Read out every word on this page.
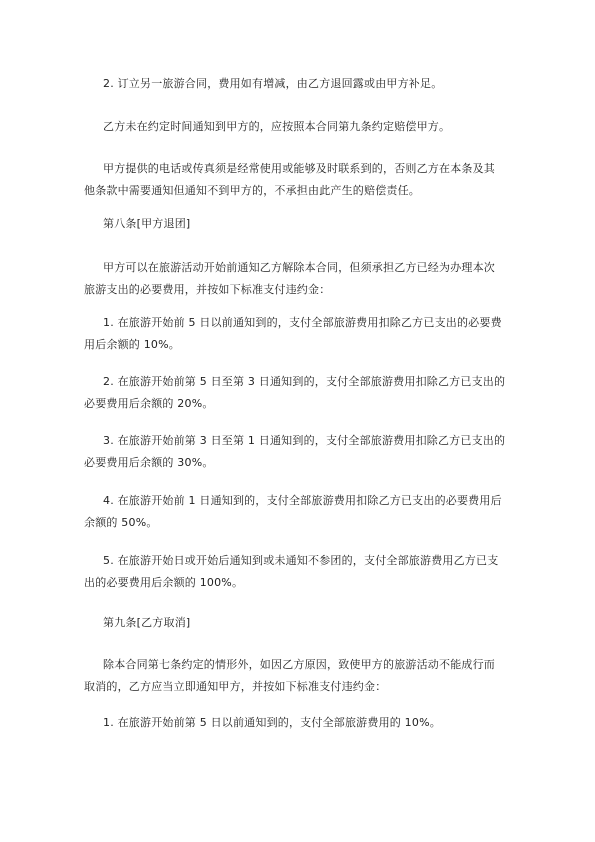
2. 订立另一旅游合同，费用如有增减，由乙方退回露或由甲方补足。

乙方未在约定时间通知到甲方的，应按照本合同第九条约定赔偿甲方。

甲方提供的电话或传真须是经常使用或能够及时联系到的，否则乙方在本条及其
他条款中需要通知但通知不到甲方的，不承担由此产生的赔偿责任。

第八条[甲方退团]

甲方可以在旅游活动开始前通知乙方解除本合同，但须承担乙方已经为办理本次
旅游支出的必要费用，并按如下标准支付违约金：

1. 在旅游开始前 5 日以前通知到的，支付全部旅游费用扣除乙方已支出的必要费
用后余额的 10%。

2. 在旅游开始前第 5 日至第 3 日通知到的，支付全部旅游费用扣除乙方已支出的
必要费用后余额的 20%。

3. 在旅游开始前第 3 日至第 1 日通知到的，支付全部旅游费用扣除乙方已支出的
必要费用后余额的 30%。

4. 在旅游开始前 1 日通知到的，支付全部旅游费用扣除乙方已支出的必要费用后
余额的 50%。

5. 在旅游开始日或开始后通知到或未通知不参团的，支付全部旅游费用乙方已支
出的必要费用后余额的 100%。

第九条[乙方取消]

除本合同第七条约定的情形外，如因乙方原因，致使甲方的旅游活动不能成行而
取消的，乙方应当立即通知甲方，并按如下标准支付违约金：

1. 在旅游开始前第 5 日以前通知到的，支付全部旅游费用的 10%。
